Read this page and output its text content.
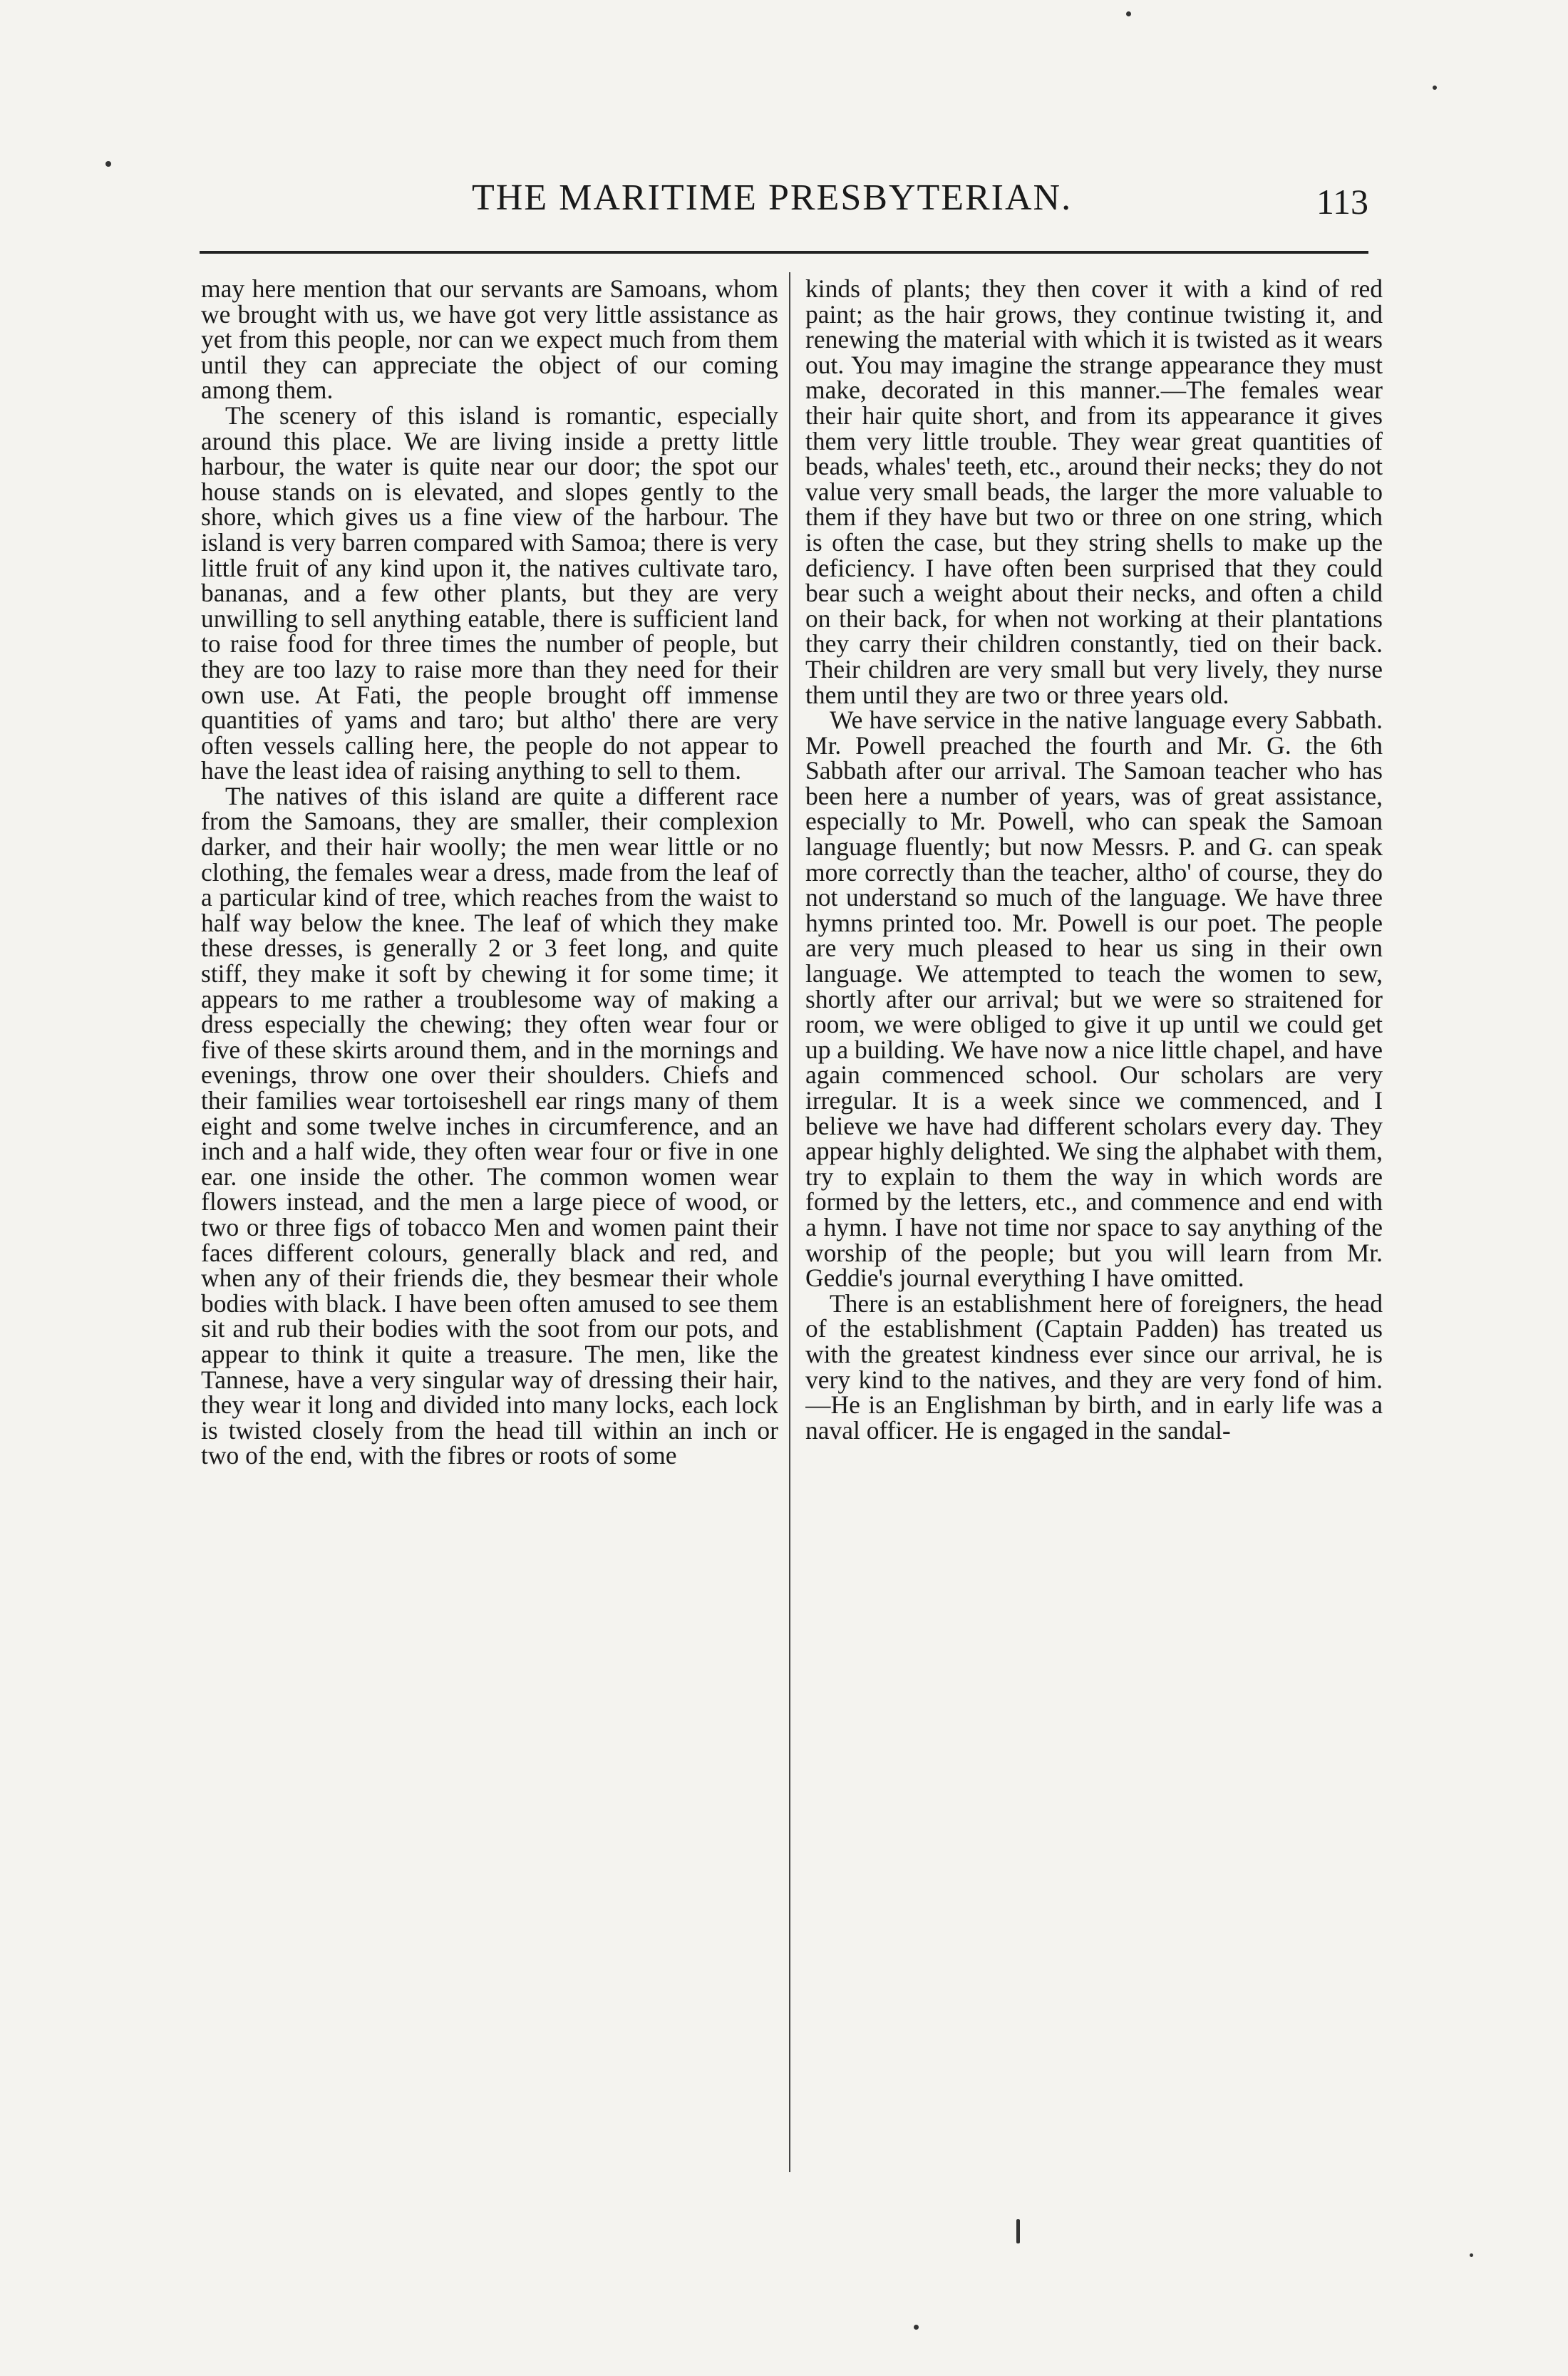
THE MARITIME PRESBYTERIAN.	113

may here mention that our servants are Samoans, whom we brought with us, we have got very little assistance as yet from this people, nor can we expect much from them until they can appreciate the object of our coming among them.

The scenery of this island is romantic, especially around this place. We are living inside a pretty little harbour, the water is quite near our door; the spot our house stands on is elevated, and slopes gently to the shore, which gives us a fine view of the harbour. The island is very barren compared with Samoa; there is very little fruit of any kind upon it, the natives cultivate taro, bananas, and a few other plants, but they are very unwilling to sell anything eatable, there is sufficient land to raise food for three times the number of people, but they are too lazy to raise more than they need for their own use. At Fati, the people brought off immense quantities of yams and taro; but altho' there are very often vessels calling here, the people do not appear to have the least idea of raising anything to sell to them.

The natives of this island are quite a different race from the Samoans, they are smaller, their complexion darker, and their hair woolly; the men wear little or no clothing, the females wear a dress, made from the leaf of a particular kind of tree, which reaches from the waist to half way below the knee. The leaf of which they make these dresses, is generally 2 or 3 feet long, and quite stiff, they make it soft by chewing it for some time; it appears to me rather a troublesome way of making a dress especially the chewing; they often wear four or five of these skirts around them, and in the mornings and evenings, throw one over their shoulders. Chiefs and their families wear tortoiseshell ear rings many of them eight and some twelve inches in circumference, and an inch and a half wide, they often wear four or five in one ear. one inside the other. The common women wear flowers instead, and the men a large piece of wood, or two or three figs of tobacco Men and women paint their faces different colours, generally black and red, and when any of their friends die, they besmear their whole bodies with black. I have been often amused to see them sit and rub their bodies with the soot from our pots, and appear to think it quite a treasure. The men, like the Tannese, have a very singular way of dressing their hair, they wear it long and divided into many locks, each lock is twisted closely from the head till within an inch or two of the end, with the fibres or roots of some

kinds of plants; they then cover it with a kind of red paint; as the hair grows, they continue twisting it, and renewing the material with which it is twisted as it wears out. You may imagine the strange appearance they must make, decorated in this manner.—The females wear their hair quite short, and from its appearance it gives them very little trouble. They wear great quantities of beads, whales' teeth, etc., around their necks; they do not value very small beads, the larger the more valuable to them if they have but two or three on one string, which is often the case, but they string shells to make up the deficiency. I have often been surprised that they could bear such a weight about their necks, and often a child on their back, for when not working at their plantations they carry their children constantly, tied on their back. Their children are very small but very lively, they nurse them until they are two or three years old.

We have service in the native language every Sabbath. Mr. Powell preached the fourth and Mr. G. the 6th Sabbath after our arrival. The Samoan teacher who has been here a number of years, was of great assistance, especially to Mr. Powell, who can speak the Samoan language fluently; but now Messrs. P. and G. can speak more correctly than the teacher, altho' of course, they do not understand so much of the language. We have three hymns printed too. Mr. Powell is our poet. The people are very much pleased to hear us sing in their own language. We attempted to teach the women to sew, shortly after our arrival; but we were so straitened for room, we were obliged to give it up until we could get up a building. We have now a nice little chapel, and have again commenced school. Our scholars are very irregular. It is a week since we commenced, and I believe we have had different scholars every day. They appear highly delighted. We sing the alphabet with them, try to explain to them the way in which words are formed by the letters, etc., and commence and end with a hymn. I have not time nor space to say anything of the worship of the people; but you will learn from Mr. Geddie's journal everything I have omitted.

There is an establishment here of foreigners, the head of the establishment (Captain Padden) has treated us with the greatest kindness ever since our arrival, he is very kind to the natives, and they are very fond of him.—He is an Englishman by birth, and in early life was a naval officer. He is engaged in the sandal-
